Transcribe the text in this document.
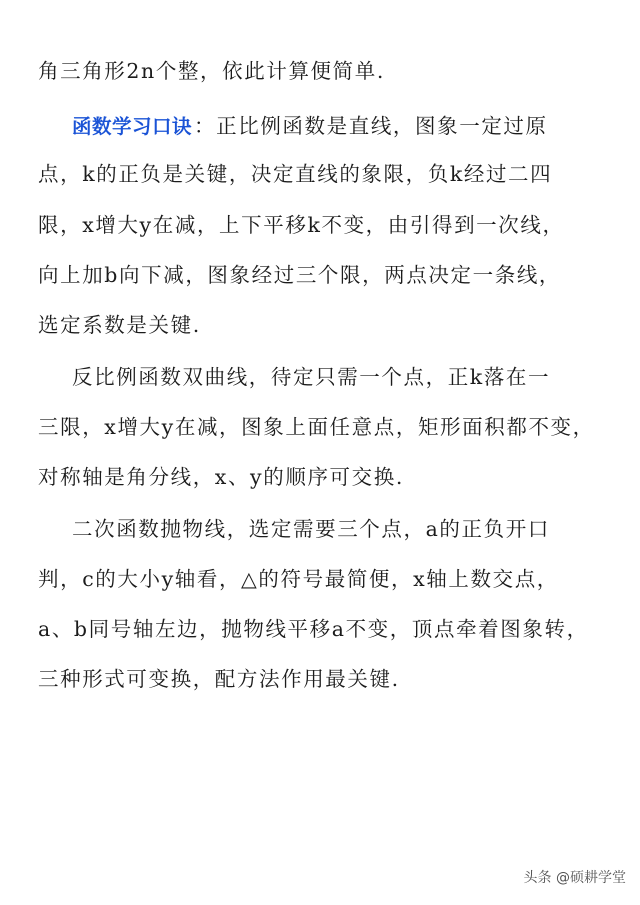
角三角形2n个整，依此计算便简单.
函数学习口诀：正比例函数是直线，图象一定过原
点，k的正负是关键，决定直线的象限，负k经过二四
限，x增大y在减，上下平移k不变，由引得到一次线，
向上加b向下减，图象经过三个限，两点决定一条线，
选定系数是关键.
反比例函数双曲线，待定只需一个点，正k落在一
三限，x增大y在减，图象上面任意点，矩形面积都不变，
对称轴是角分线，x、y的顺序可交换.
二次函数抛物线，选定需要三个点，a的正负开口
判，c的大小y轴看，△的符号最简便，x轴上数交点，
a、b同号轴左边，抛物线平移a不变，顶点牵着图象转，
三种形式可变换，配方法作用最关键.
头条 @硕耕学堂
